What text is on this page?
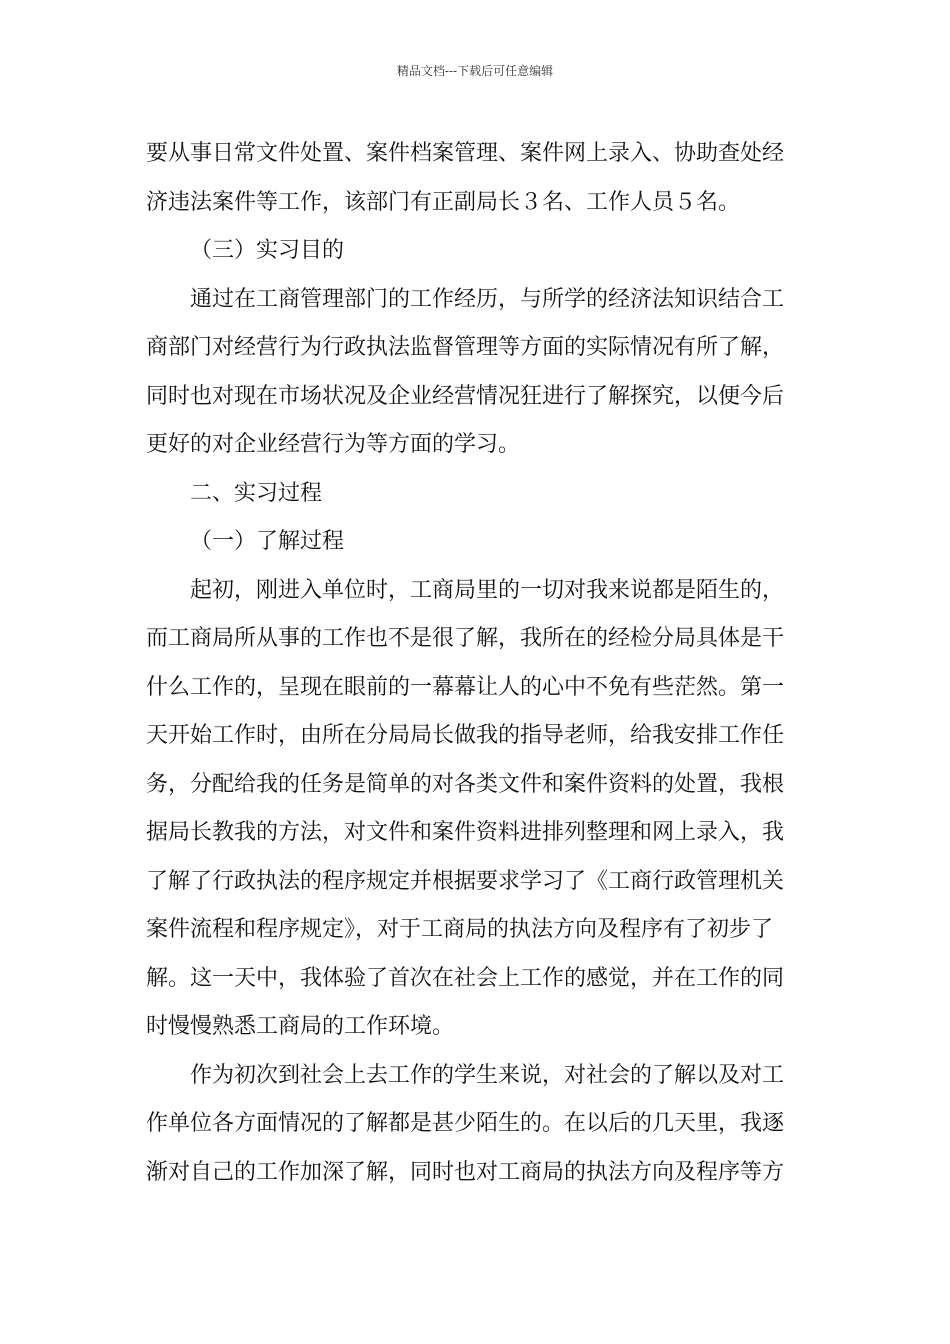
精品文档---下载后可任意编辑
要从事日常文件处置、案件档案管理、案件网上录入、协助查处经
济违法案件等工作，该部门有正副局长３名、工作人员５名。
（三）实习目的
通过在工商管理部门的工作经历，与所学的经济法知识结合工
商部门对经营行为行政执法监督管理等方面的实际情况有所了解，
同时也对现在市场状况及企业经营情况狂进行了解探究，以便今后
更好的对企业经营行为等方面的学习。
二、实习过程
（一）了解过程
起初，刚进入单位时，工商局里的一切对我来说都是陌生的，
而工商局所从事的工作也不是很了解，我所在的经检分局具体是干
什么工作的，呈现在眼前的一幕幕让人的心中不免有些茫然。第一
天开始工作时，由所在分局局长做我的指导老师，给我安排工作任
务，分配给我的任务是简单的对各类文件和案件资料的处置，我根
据局长教我的方法，对文件和案件资料进排列整理和网上录入，我
了解了行政执法的程序规定并根据要求学习了《工商行政管理机关
案件流程和程序规定》，对于工商局的执法方向及程序有了初步了
解。这一天中，我体验了首次在社会上工作的感觉，并在工作的同
时慢慢熟悉工商局的工作环境。
作为初次到社会上去工作的学生来说，对社会的了解以及对工
作单位各方面情况的了解都是甚少陌生的。在以后的几天里，我逐
渐对自己的工作加深了解，同时也对工商局的执法方向及程序等方
